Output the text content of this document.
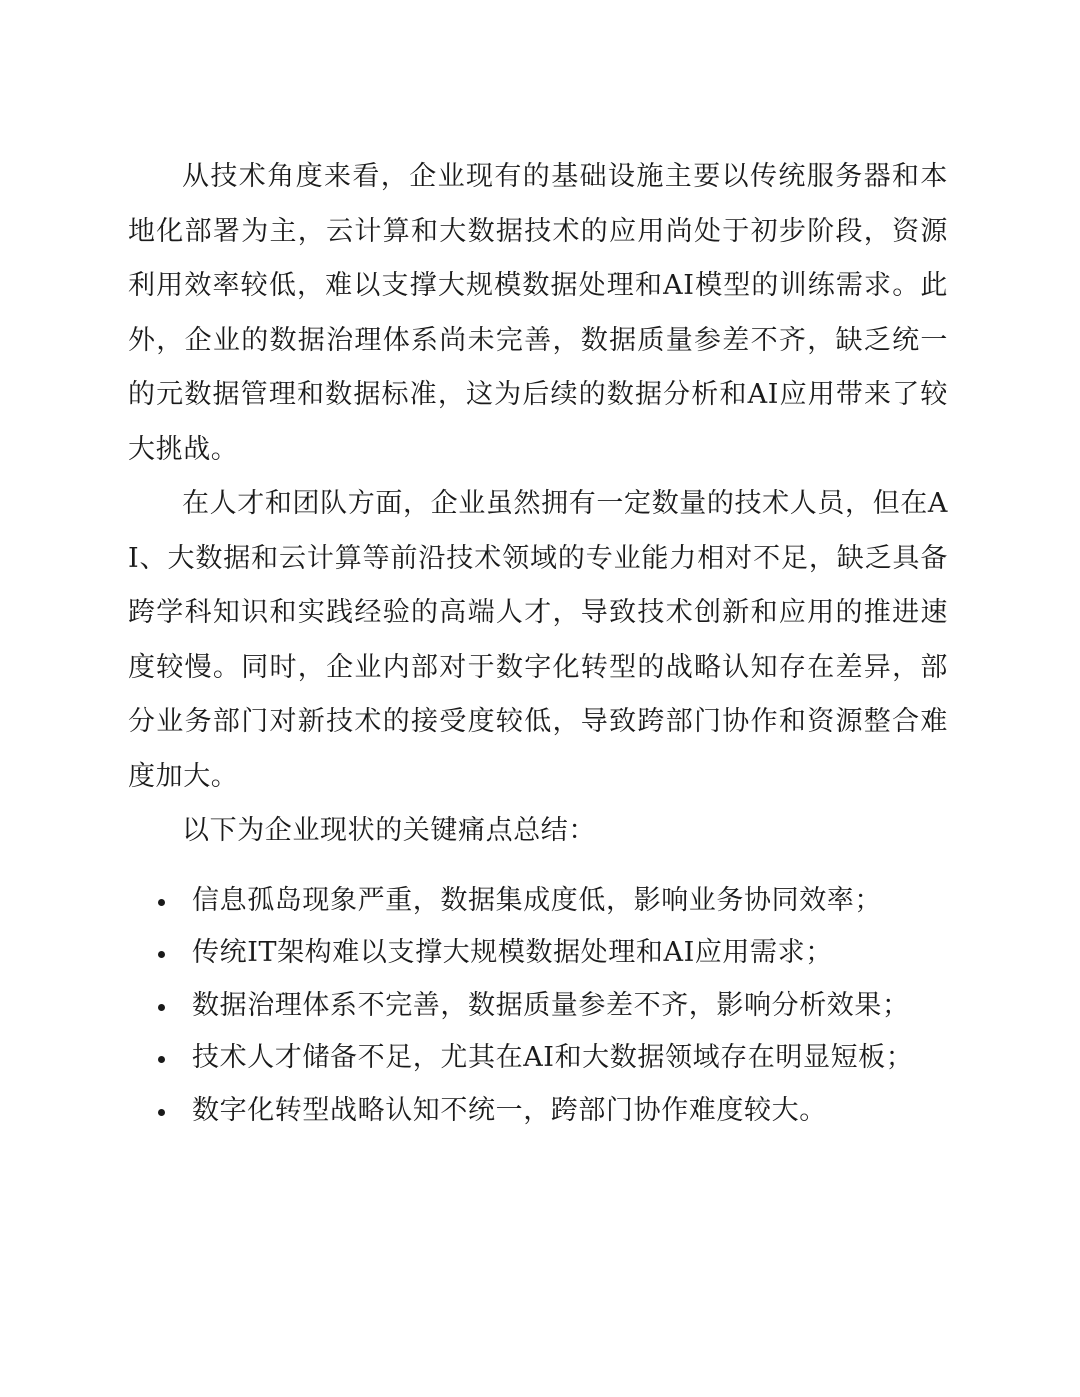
从技术角度来看，企业现有的基础设施主要以传统服务器和本地化部署为主，云计算和大数据技术的应用尚处于初步阶段，资源利用效率较低，难以支撑大规模数据处理和AI模型的训练需求。此外，企业的数据治理体系尚未完善，数据质量参差不齐，缺乏统一的元数据管理和数据标准，这为后续的数据分析和AI应用带来了较大挑战。

在人才和团队方面，企业虽然拥有一定数量的技术人员，但在AI、大数据和云计算等前沿技术领域的专业能力相对不足，缺乏具备跨学科知识和实践经验的高端人才，导致技术创新和应用的推进速度较慢。同时，企业内部对于数字化转型的战略认知存在差异，部分业务部门对新技术的接受度较低，导致跨部门协作和资源整合难度加大。

以下为企业现状的关键痛点总结：

信息孤岛现象严重，数据集成度低，影响业务协同效率；
传统IT架构难以支撑大规模数据处理和AI应用需求；
数据治理体系不完善，数据质量参差不齐，影响分析效果；
技术人才储备不足，尤其在AI和大数据领域存在明显短板；
数字化转型战略认知不统一，跨部门协作难度较大。
